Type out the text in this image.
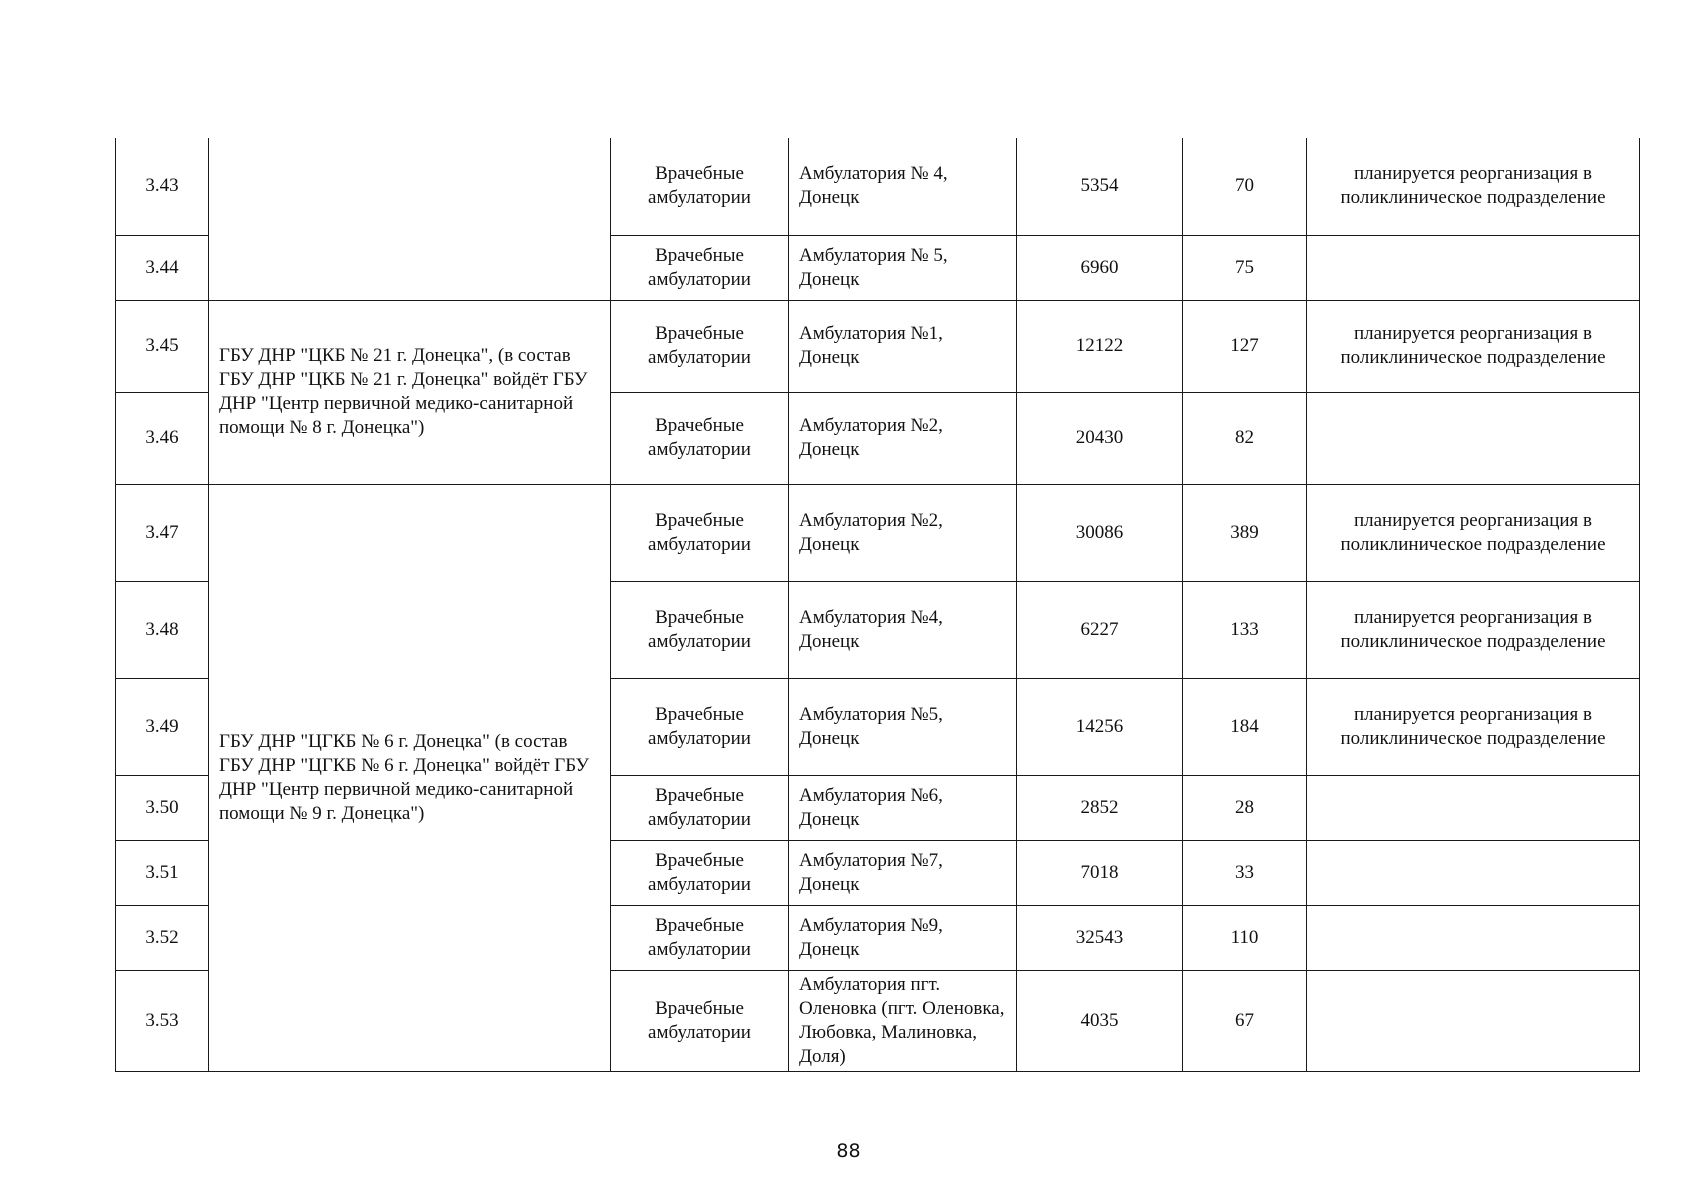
3.43		Врачебные амбулатории	Амбулатория № 4, Донецк	5354	70	планируется реорганизация в поликлиническое подразделение
3.44		Врачебные амбулатории	Амбулатория № 5, Донецк	6960	75	
3.45	ГБУ ДНР "ЦКБ № 21 г. Донецка", (в состав ГБУ ДНР "ЦКБ № 21 г. Донецка" войдёт ГБУ ДНР "Центр первичной медико-санитарной помощи № 8 г. Донецка")	Врачебные амбулатории	Амбулатория №1, Донецк	12122	127	планируется реорганизация в поликлиническое подразделение
3.46		Врачебные амбулатории	Амбулатория №2, Донецк	20430	82	
3.47	ГБУ ДНР "ЦГКБ № 6 г. Донецка" (в состав ГБУ ДНР "ЦГКБ № 6 г. Донецка" войдёт ГБУ ДНР "Центр первичной медико-санитарной помощи № 9 г. Донецка")	Врачебные амбулатории	Амбулатория №2, Донецк	30086	389	планируется реорганизация в поликлиническое подразделение
3.48		Врачебные амбулатории	Амбулатория №4, Донецк	6227	133	планируется реорганизация в поликлиническое подразделение
3.49		Врачебные амбулатории	Амбулатория №5, Донецк	14256	184	планируется реорганизация в поликлиническое подразделение
3.50		Врачебные амбулатории	Амбулатория №6, Донецк	2852	28	
3.51		Врачебные амбулатории	Амбулатория №7, Донецк	7018	33	
3.52		Врачебные амбулатории	Амбулатория №9, Донецк	32543	110	
3.53		Врачебные амбулатории	Амбулатория пгт. Оленовка (пгт. Оленовка, Любовка, Малиновка, Доля)	4035	67	
88
